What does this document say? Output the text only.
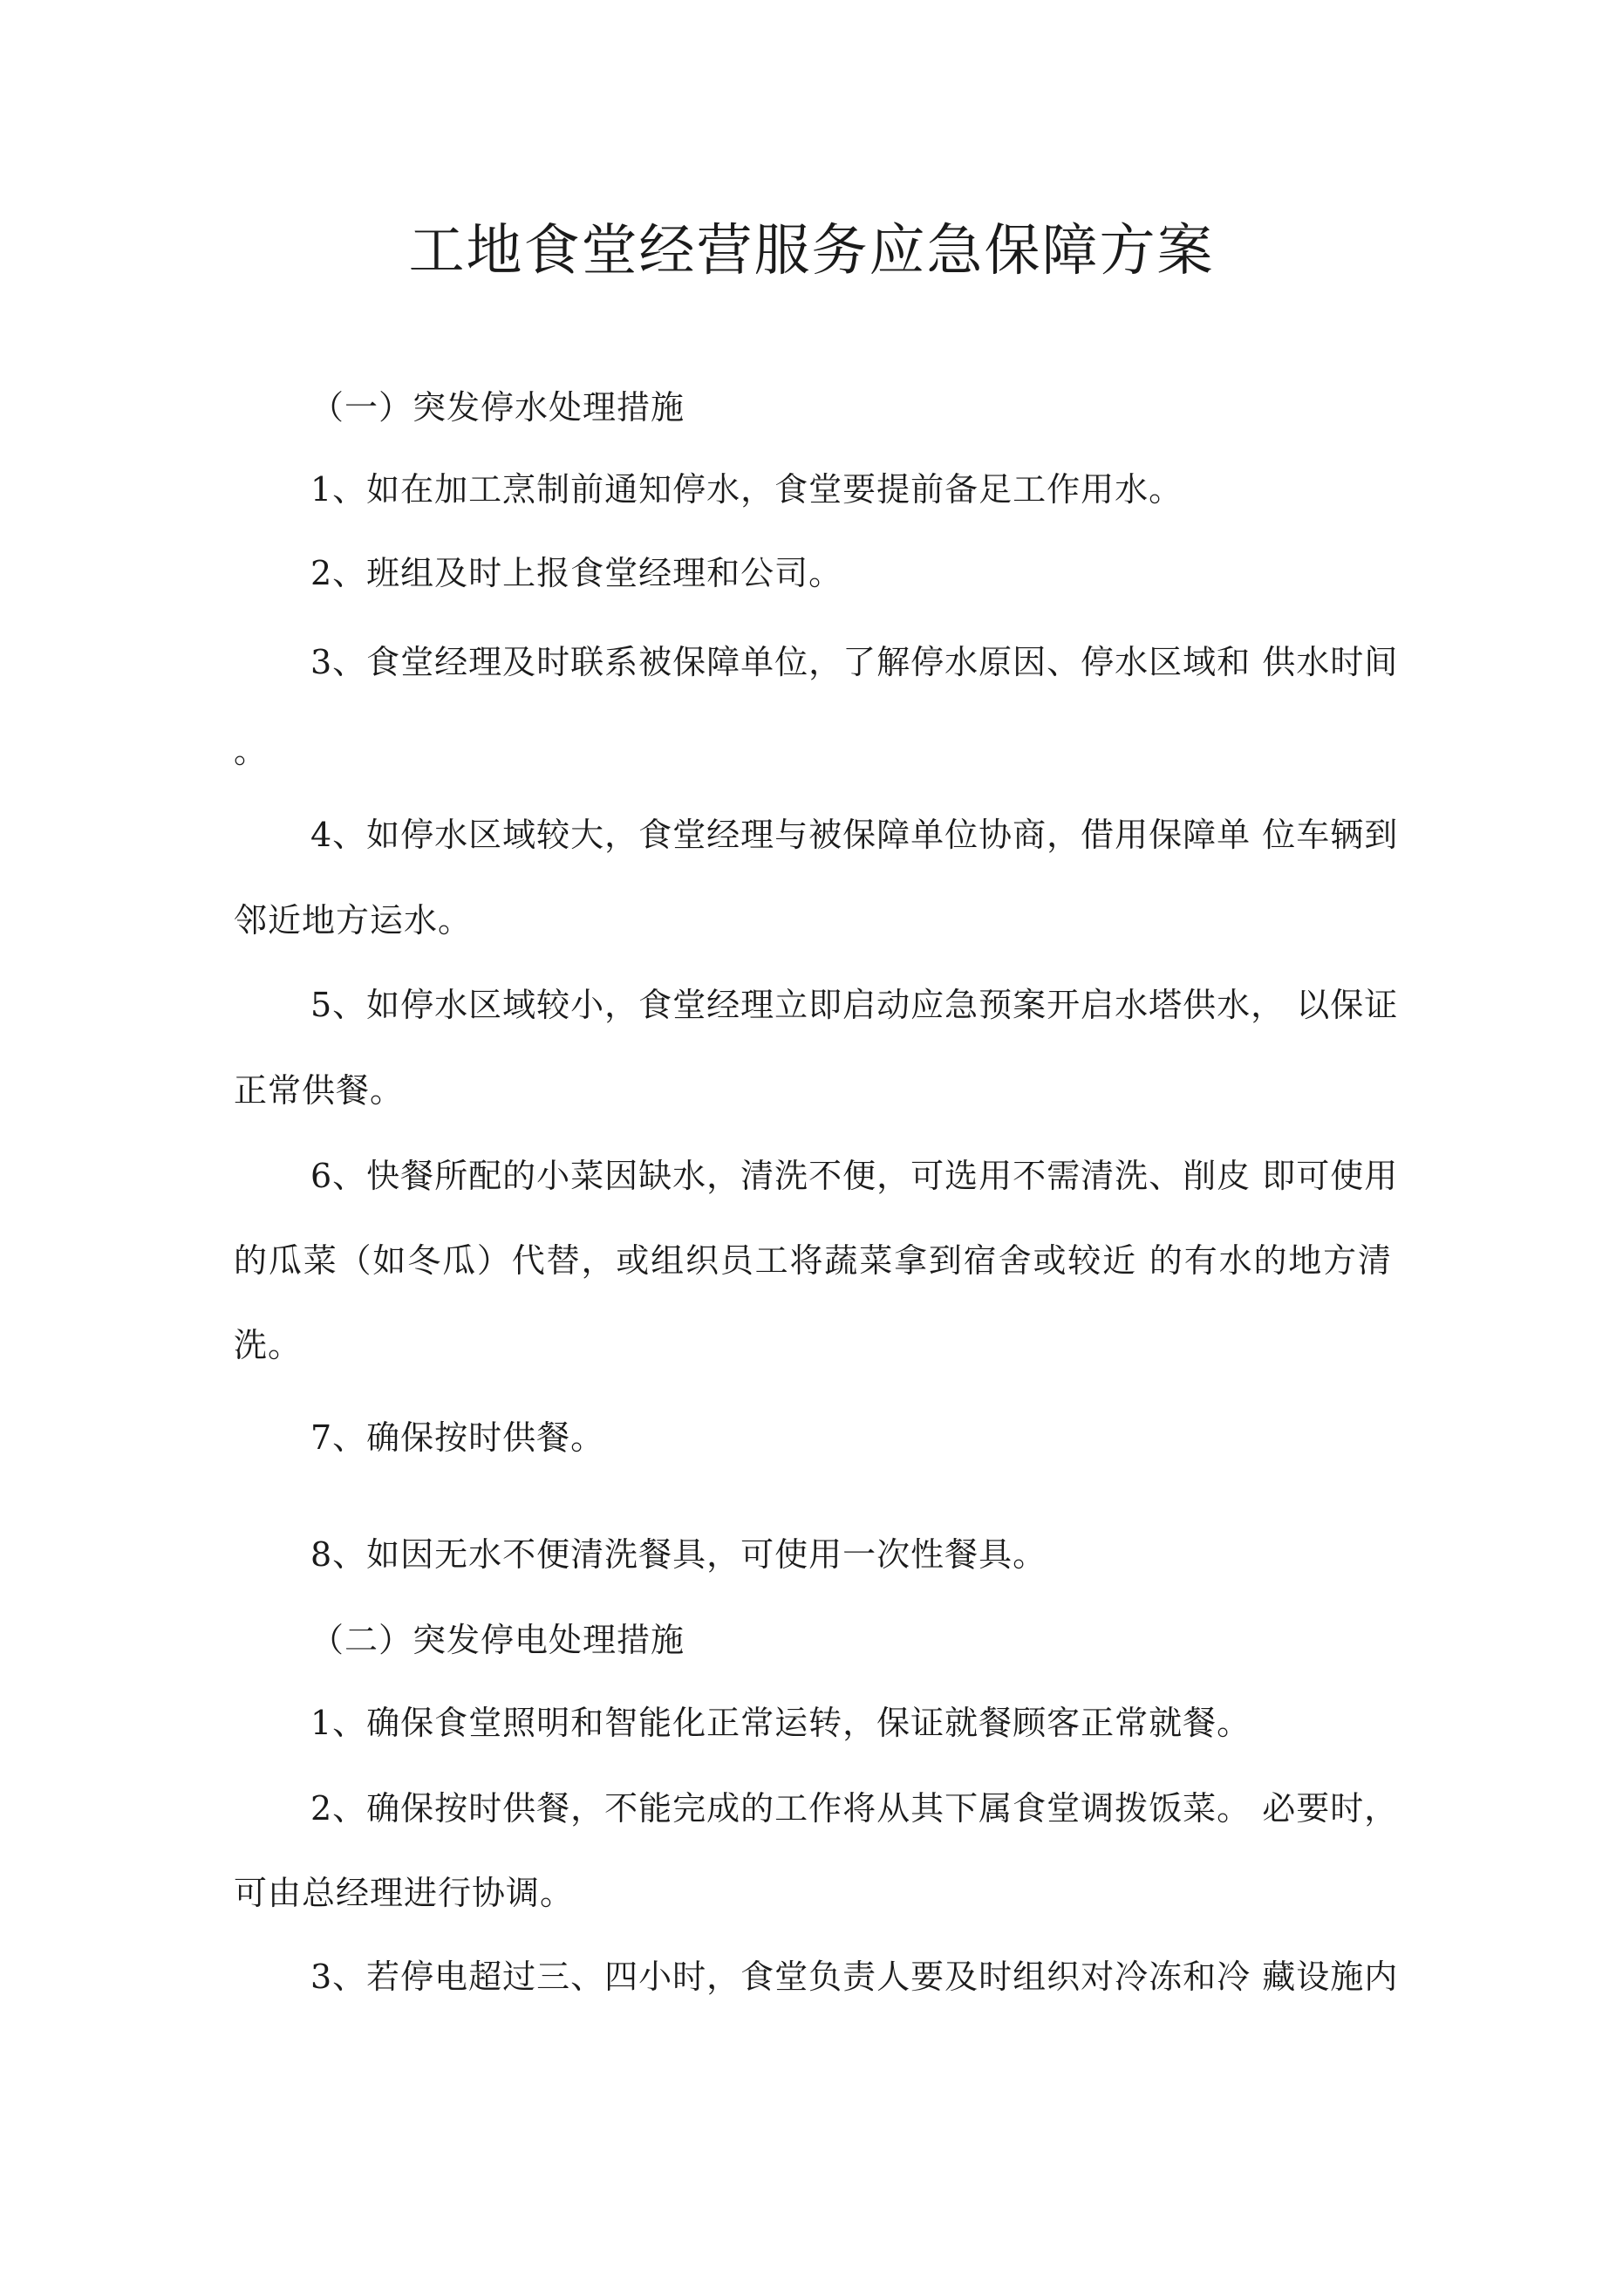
工地食堂经营服务应急保障方案
（一）突发停水处理措施
1、如在加工烹制前通知停水，食堂要提前备足工作用水。
2、班组及时上报食堂经理和公司。
3、食堂经理及时联系被保障单位，了解停水原因、停水区域和 供水时间
。
4、如停水区域较大，食堂经理与被保障单位协商，借用保障单 位车辆到
邻近地方运水。
5、如停水区域较小，食堂经理立即启动应急预案开启水塔供水， 以保证
正常供餐。
6、快餐所配的小菜因缺水，清洗不便，可选用不需清洗、削皮 即可使用
的瓜菜（如冬瓜）代替，或组织员工将蔬菜拿到宿舍或较近 的有水的地方清
洗。
7、确保按时供餐。
8、如因无水不便清洗餐具，可使用一次性餐具。
（二）突发停电处理措施
1、确保食堂照明和智能化正常运转，保证就餐顾客正常就餐。
2、确保按时供餐，不能完成的工作将从其下属食堂调拨饭菜。 必要时，
可由总经理进行协调。
3、若停电超过三、四小时，食堂负责人要及时组织对冷冻和冷 藏设施内
